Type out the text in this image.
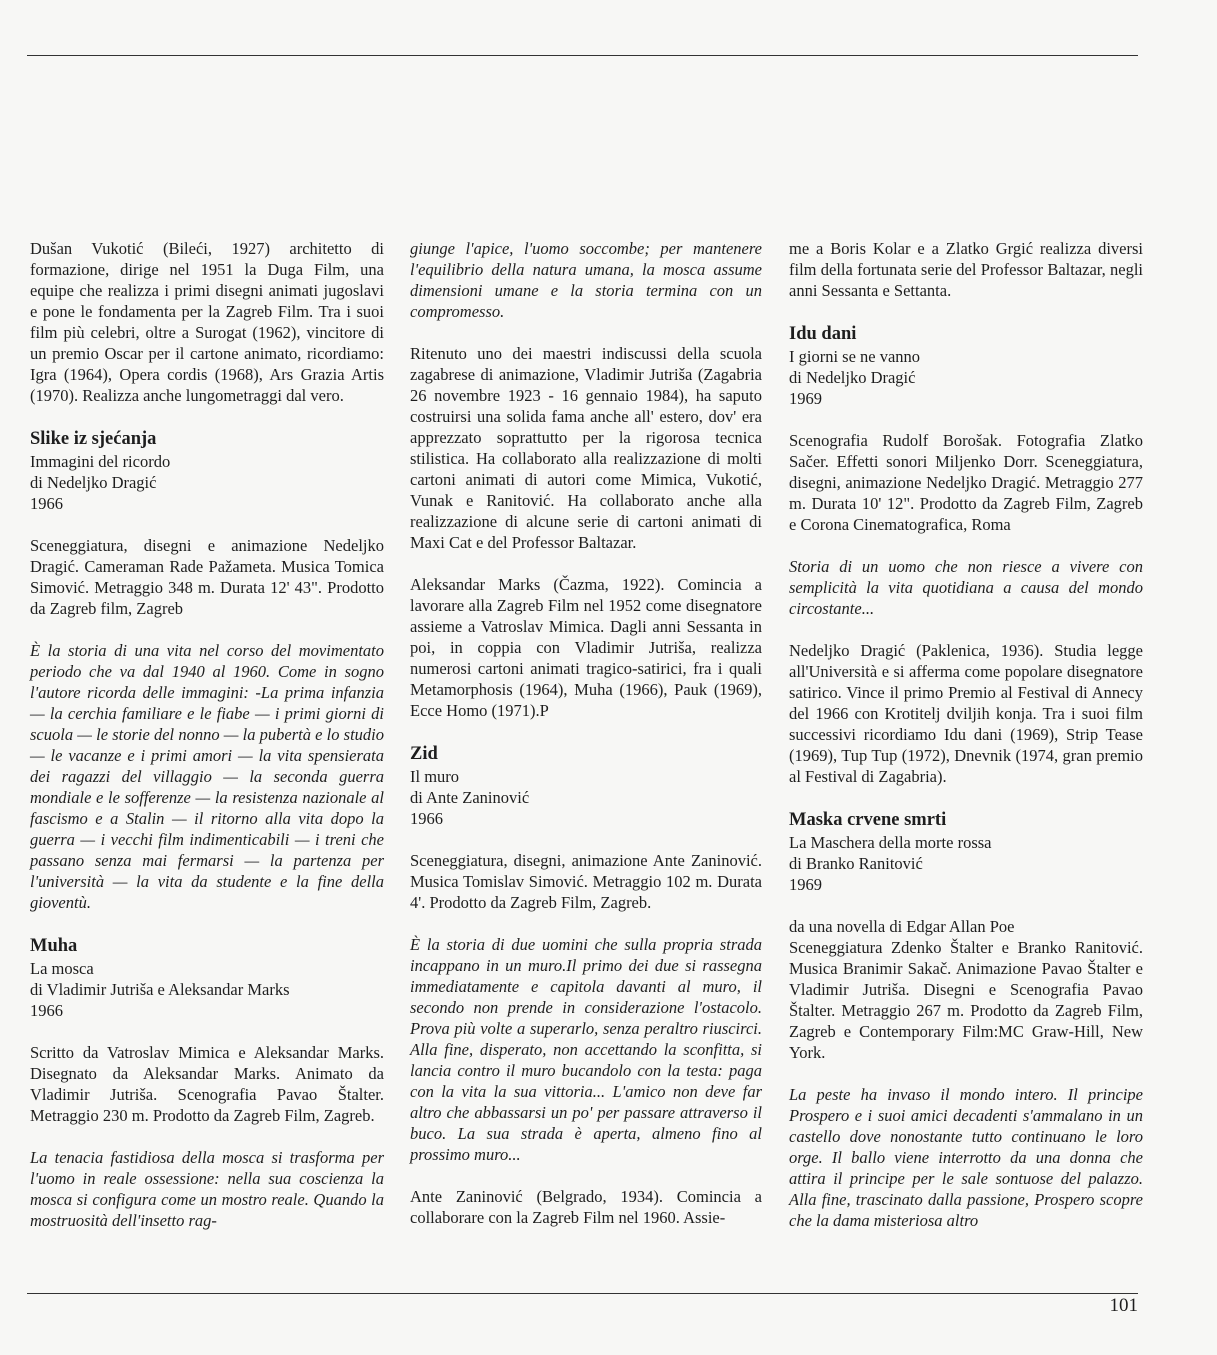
Dušan Vukotić (Bileći, 1927) architetto di formazione, dirige nel 1951 la Duga Film, una equipe che realizza i primi disegni animati jugoslavi e pone le fondamenta per la Zagreb Film. Tra i suoi film più celebri, oltre a Surogat (1962), vincitore di un premio Oscar per il cartone animato, ricordiamo: Igra (1964), Opera cordis (1968), Ars Grazia Artis (1970). Realizza anche lungometraggi dal vero.

Slike iz sjećanja
Immagini del ricordo
di Nedeljko Dragić
1966

Sceneggiatura, disegni e animazione Nedeljko Dragić. Cameraman Rade Pažameta. Musica Tomica Simović. Metraggio 348 m. Durata 12' 43". Prodotto da Zagreb film, Zagreb

È la storia di una vita nel corso del movimentato periodo che va dal 1940 al 1960. Come in sogno l'autore ricorda delle immagini: -La prima infanzia — la cerchia familiare e le fiabe — i primi giorni di scuola — le storie del nonno — la pubertà e lo studio — le vacanze e i primi amori — la vita spensierata dei ragazzi del villaggio — la seconda guerra mondiale e le sofferenze — la resistenza nazionale al fascismo e a Stalin — il ritorno alla vita dopo la guerra — i vecchi film indimenticabili — i treni che passano senza mai fermarsi — la partenza per l'università — la vita da studente e la fine della gioventù.

Muha
La mosca
di Vladimir Jutriša e Aleksandar Marks
1966

Scritto da Vatroslav Mimica e Aleksandar Marks. Disegnato da Aleksandar Marks. Animato da Vladimir Jutriša. Scenografia Pavao Štalter. Metraggio 230 m. Prodotto da Zagreb Film, Zagreb.

La tenacia fastidiosa della mosca si trasforma per l'uomo in reale ossessione: nella sua coscienza la mosca si configura come un mostro reale. Quando la mostruosità dell'insetto rag-

giunge l'apice, l'uomo soccombe; per mantenere l'equilibrio della natura umana, la mosca assume dimensioni umane e la storia termina con un compromesso.

Ritenuto uno dei maestri indiscussi della scuola zagabrese di animazione, Vladimir Jutriša (Zagabria 26 novembre 1923 - 16 gennaio 1984), ha saputo costruirsi una solida fama anche all' estero, dov' era apprezzato soprattutto per la rigorosa tecnica stilistica. Ha collaborato alla realizzazione di molti cartoni animati di autori come Mimica, Vukotić, Vunak e Ranitović. Ha collaborato anche alla realizzazione di alcune serie di cartoni animati di Maxi Cat e del Professor Baltazar.

Aleksandar Marks (Čazma, 1922). Comincia a lavorare alla Zagreb Film nel 1952 come disegnatore assieme a Vatroslav Mimica. Dagli anni Sessanta in poi, in coppia con Vladimir Jutriša, realizza numerosi cartoni animati tragico-satirici, fra i quali Metamorphosis (1964), Muha (1966), Pauk (1969), Ecce Homo (1971).P

Zid
Il muro
di Ante Zaninović
1966

Sceneggiatura, disegni, animazione Ante Zaninović. Musica Tomislav Simović. Metraggio 102 m. Durata 4'. Prodotto da Zagreb Film, Zagreb.

È la storia di due uomini che sulla propria strada incappano in un muro.Il primo dei due si rassegna immediatamente e capitola davanti al muro, il secondo non prende in considerazione l'ostacolo. Prova più volte a superarlo, senza peraltro riuscirci. Alla fine, disperato, non accettando la sconfitta, si lancia contro il muro bucandolo con la testa: paga con la vita la sua vittoria... L'amico non deve far altro che abbassarsi un po' per passare attraverso il buco. La sua strada è aperta, almeno fino al prossimo muro...

Ante Zaninović (Belgrado, 1934). Comincia a collaborare con la Zagreb Film nel 1960. Assie-

me a Boris Kolar e a Zlatko Grgić realizza diversi film della fortunata serie del Professor Baltazar, negli anni Sessanta e Settanta.

Idu dani
I giorni se ne vanno
di Nedeljko Dragić
1969

Scenografia Rudolf Borošak. Fotografia Zlatko Sačer. Effetti sonori Miljenko Dorr. Sceneggiatura, disegni, animazione Nedeljko Dragić. Metraggio 277 m. Durata 10' 12". Prodotto da Zagreb Film, Zagreb e Corona Cinematografica, Roma

Storia di un uomo che non riesce a vivere con semplicità la vita quotidiana a causa del mondo circostante...

Nedeljko Dragić (Paklenica, 1936). Studia legge all'Università e si afferma come popolare disegnatore satirico. Vince il primo Premio al Festival di Annecy del 1966 con Krotitelj dviljih konja. Tra i suoi film successivi ricordiamo Idu dani (1969), Strip Tease (1969), Tup Tup (1972), Dnevnik (1974, gran premio al Festival di Zagabria).

Maska crvene smrti
La Maschera della morte rossa
di Branko Ranitović
1969

da una novella di Edgar Allan Poe

Sceneggiatura Zdenko Štalter e Branko Ranitović. Musica Branimir Sakač. Animazione Pavao Štalter e Vladimir Jutriša. Disegni e Scenografia Pavao Štalter. Metraggio 267 m. Prodotto da Zagreb Film, Zagreb e Contemporary Film:MC Graw-Hill, New York.

La peste ha invaso il mondo intero. Il principe Prospero e i suoi amici decadenti s'ammalano in un castello dove nonostante tutto continuano le loro orge. Il ballo viene interrotto da una donna che attira il principe per le sale sontuose del palazzo. Alla fine, trascinato dalla passione, Prospero scopre che la dama misteriosa altro

101
